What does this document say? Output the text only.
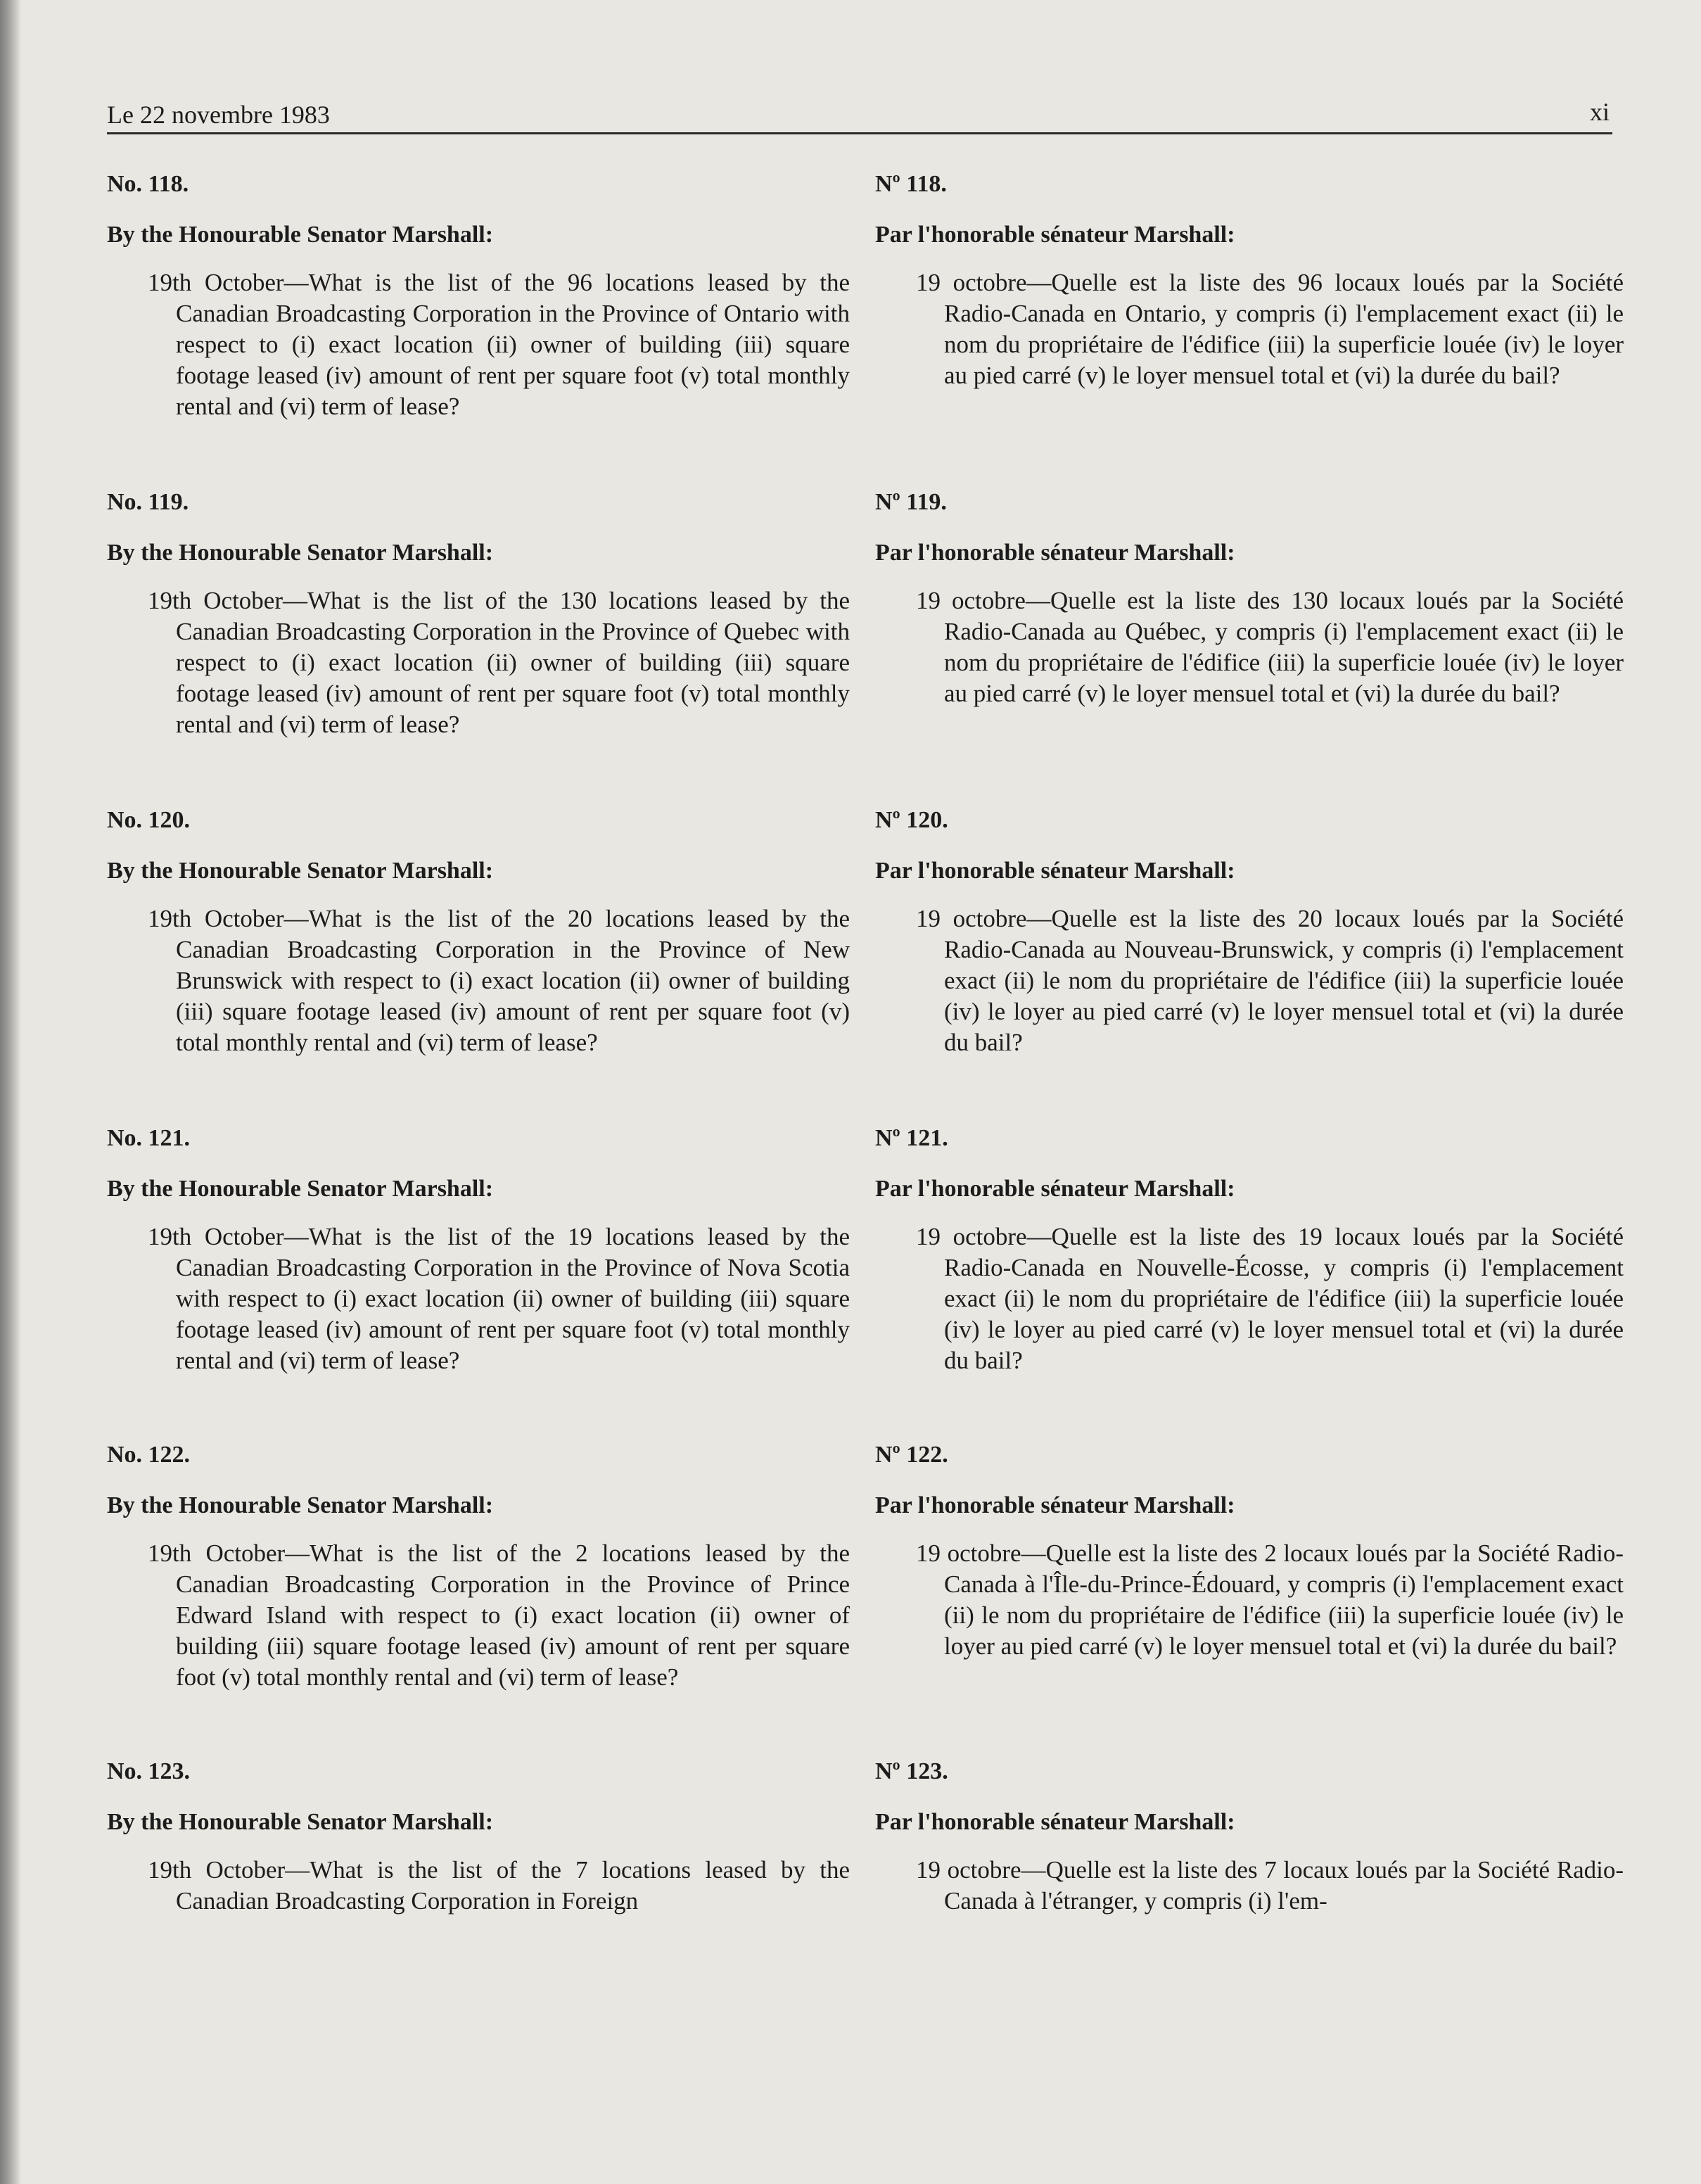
Le 22 novembre 1983	xi
No. 118.
By the Honourable Senator Marshall:
19th October—What is the list of the 96 locations leased by the Canadian Broadcasting Corporation in the Province of Ontario with respect to (i) exact location (ii) owner of building (iii) square footage leased (iv) amount of rent per square foot (v) total monthly rental and (vi) term of lease?
No. 119.
By the Honourable Senator Marshall:
19th October—What is the list of the 130 locations leased by the Canadian Broadcasting Corporation in the Province of Quebec with respect to (i) exact location (ii) owner of building (iii) square footage leased (iv) amount of rent per square foot (v) total monthly rental and (vi) term of lease?
No. 120.
By the Honourable Senator Marshall:
19th October—What is the list of the 20 locations leased by the Canadian Broadcasting Corporation in the Province of New Brunswick with respect to (i) exact location (ii) owner of building (iii) square footage leased (iv) amount of rent per square foot (v) total monthly rental and (vi) term of lease?
No. 121.
By the Honourable Senator Marshall:
19th October—What is the list of the 19 locations leased by the Canadian Broadcasting Corporation in the Province of Nova Scotia with respect to (i) exact location (ii) owner of building (iii) square footage leased (iv) amount of rent per square foot (v) total monthly rental and (vi) term of lease?
No. 122.
By the Honourable Senator Marshall:
19th October—What is the list of the 2 locations leased by the Canadian Broadcasting Corporation in the Province of Prince Edward Island with respect to (i) exact location (ii) owner of building (iii) square footage leased (iv) amount of rent per square foot (v) total monthly rental and (vi) term of lease?
No. 123.
By the Honourable Senator Marshall:
19th October—What is the list of the 7 locations leased by the Canadian Broadcasting Corporation in Foreign
Nº 118.
Par l'honorable sénateur Marshall:
19 octobre—Quelle est la liste des 96 locaux loués par la Société Radio-Canada en Ontario, y compris (i) l'emplacement exact (ii) le nom du propriétaire de l'édifice (iii) la superficie louée (iv) le loyer au pied carré (v) le loyer mensuel total et (vi) la durée du bail?
Nº 119.
Par l'honorable sénateur Marshall:
19 octobre—Quelle est la liste des 130 locaux loués par la Société Radio-Canada au Québec, y compris (i) l'emplacement exact (ii) le nom du propriétaire de l'édifice (iii) la superficie louée (iv) le loyer au pied carré (v) le loyer mensuel total et (vi) la durée du bail?
Nº 120.
Par l'honorable sénateur Marshall:
19 octobre—Quelle est la liste des 20 locaux loués par la Société Radio-Canada au Nouveau-Brunswick, y compris (i) l'emplacement exact (ii) le nom du propriétaire de l'édifice (iii) la superficie louée (iv) le loyer au pied carré (v) le loyer mensuel total et (vi) la durée du bail?
Nº 121.
Par l'honorable sénateur Marshall:
19 octobre—Quelle est la liste des 19 locaux loués par la Société Radio-Canada en Nouvelle-Écosse, y compris (i) l'emplacement exact (ii) le nom du propriétaire de l'édifice (iii) la superficie louée (iv) le loyer au pied carré (v) le loyer mensuel total et (vi) la durée du bail?
Nº 122.
Par l'honorable sénateur Marshall:
19 octobre—Quelle est la liste des 2 locaux loués par la Société Radio-Canada à l'Île-du-Prince-Édouard, y compris (i) l'emplacement exact (ii) le nom du propriétaire de l'édifice (iii) la superficie louée (iv) le loyer au pied carré (v) le loyer mensuel total et (vi) la durée du bail?
Nº 123.
Par l'honorable sénateur Marshall:
19 octobre—Quelle est la liste des 7 locaux loués par la Société Radio-Canada à l'étranger, y compris (i) l'em-
